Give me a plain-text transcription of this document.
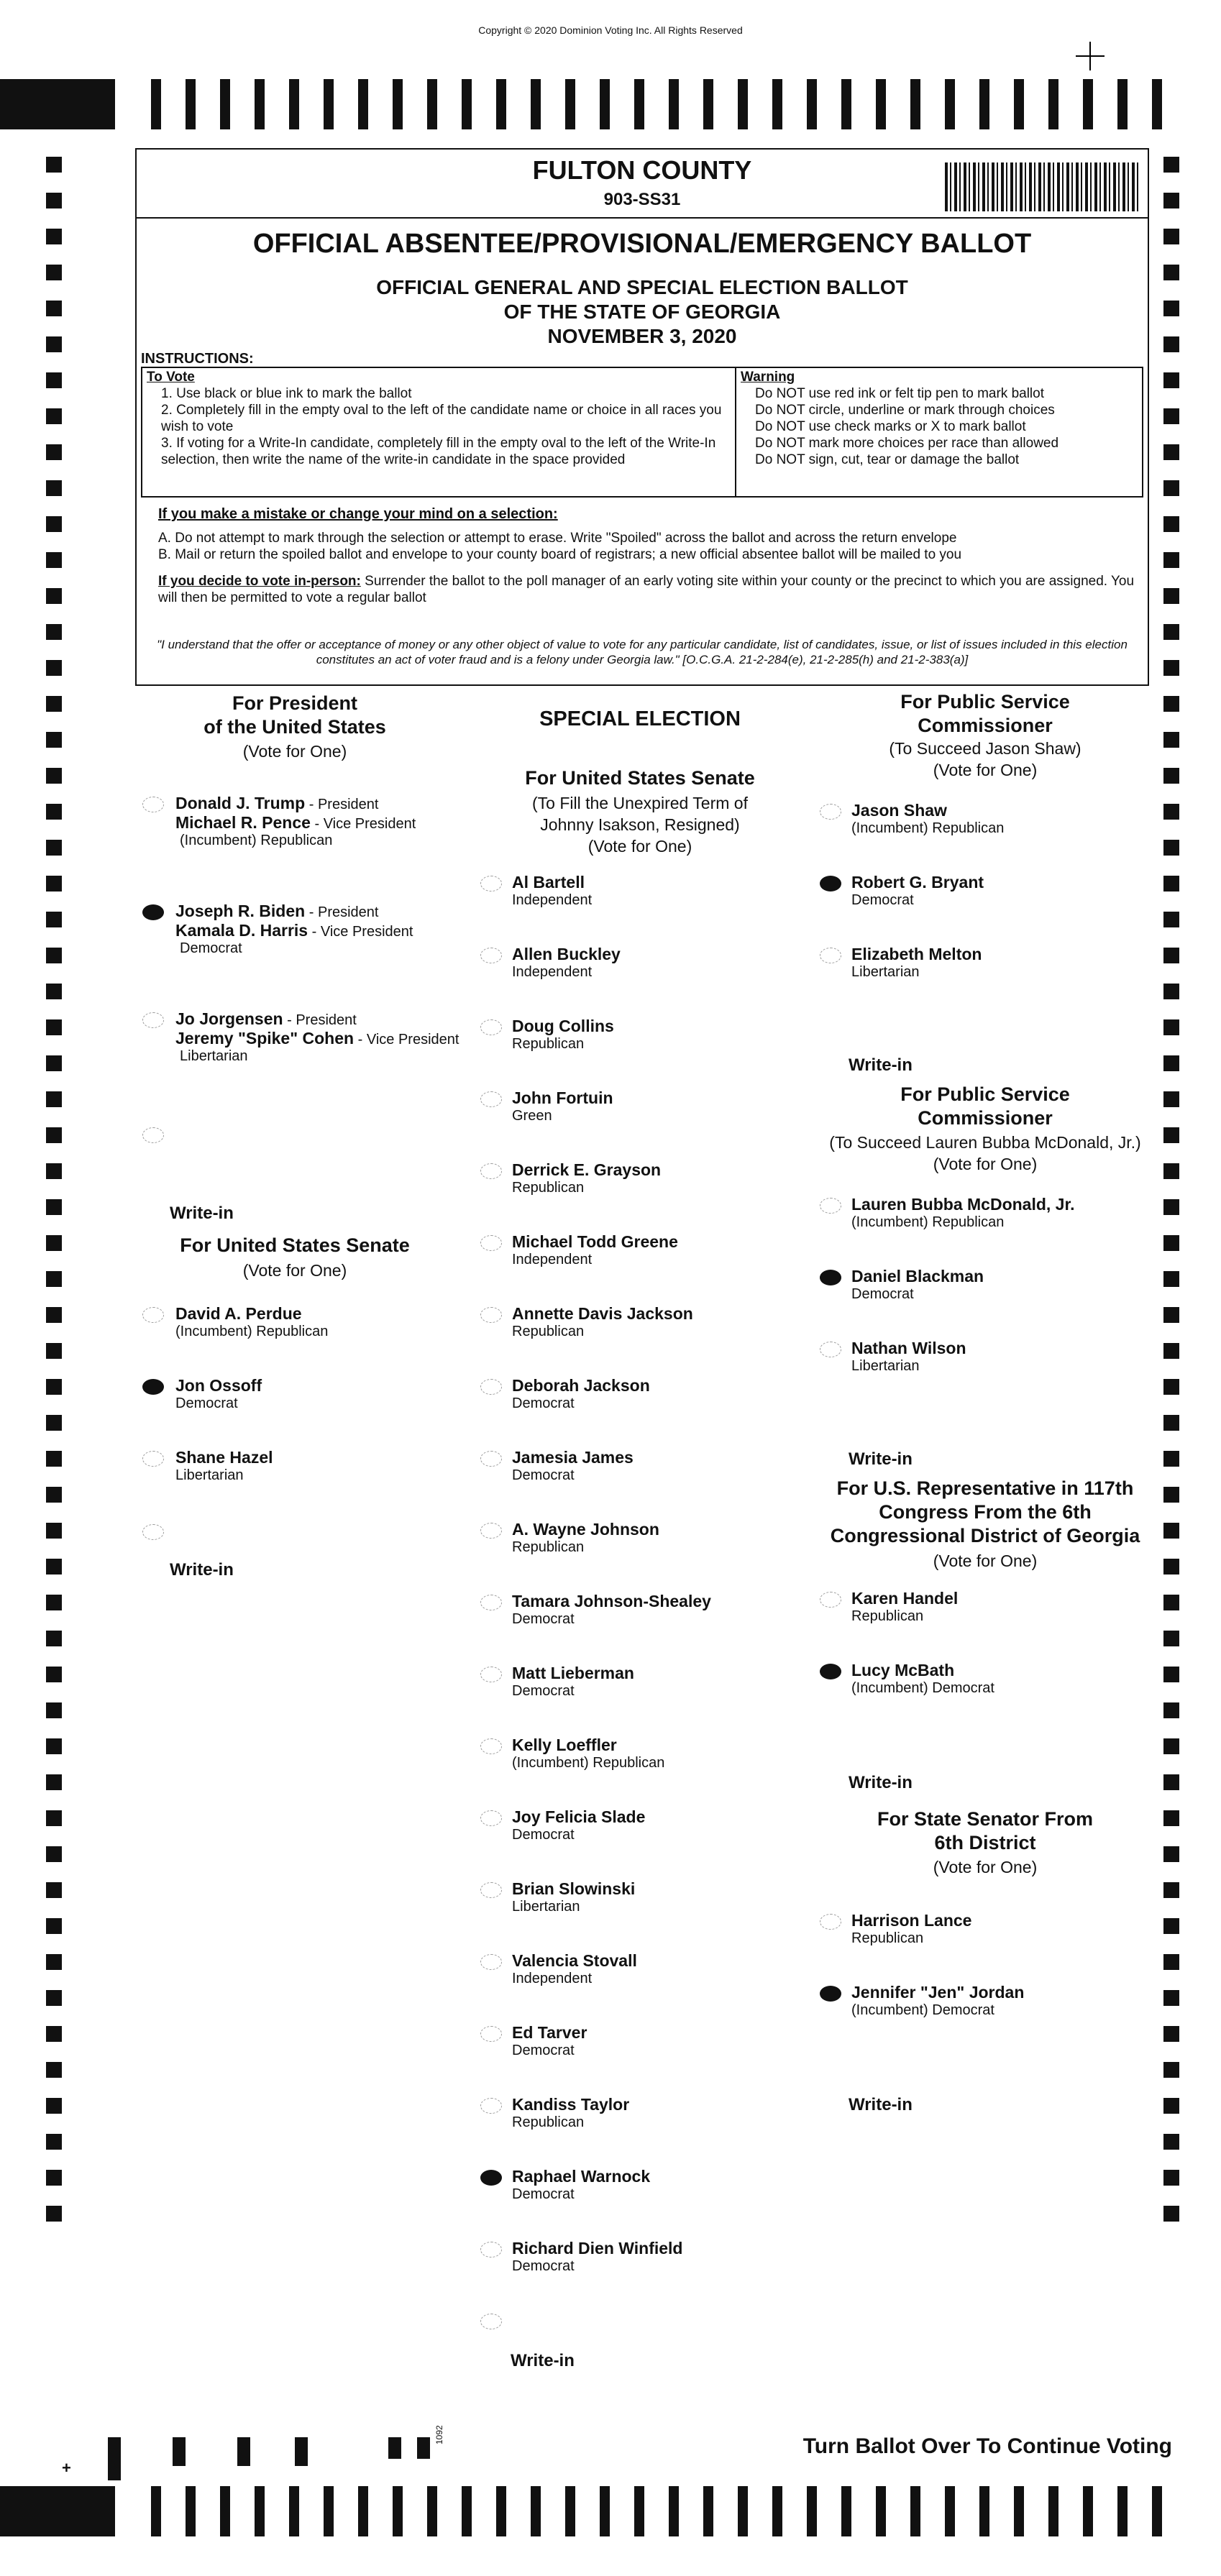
Copyright © 2020 Dominion Voting Inc. All Rights Reserved
FULTON COUNTY
903-SS31
OFFICIAL ABSENTEE/PROVISIONAL/EMERGENCY BALLOT
OFFICIAL GENERAL AND SPECIAL ELECTION BALLOT
OF THE STATE OF GEORGIA
NOVEMBER 3, 2020
INSTRUCTIONS:
To Vote
1. Use black or blue ink to mark the ballot
2. Completely fill in the empty oval to the left of the candidate name or choice in all races you wish to vote
3. If voting for a Write-In candidate, completely fill in the empty oval to the left of the Write-In selection, then write the name of the write-in candidate in the space provided
Warning
Do NOT use red ink or felt tip pen to mark ballot
Do NOT circle, underline or mark through choices
Do NOT use check marks or X to mark ballot
Do NOT mark more choices per race than allowed
Do NOT sign, cut, tear or damage the ballot
If you make a mistake or change your mind on a selection:
A. Do not attempt to mark through the selection or attempt to erase. Write "Spoiled" across the ballot and across the return envelope
B. Mail or return the spoiled ballot and envelope to your county board of registrars; a new official absentee ballot will be mailed to you
If you decide to vote in-person: Surrender the ballot to the poll manager of an early voting site within your county or the precinct to which you are assigned. You will then be permitted to vote a regular ballot
"I understand that the offer or acceptance of money or any other object of value to vote for any particular candidate, list of candidates, issue, or list of issues included in this election constitutes an act of voter fraud and is a felony under Georgia law." [O.C.G.A. 21-2-284(e), 21-2-285(h) and 21-2-383(a)]
For President
of the United States
(Vote for One)
Donald J. Trump - President
Michael R. Pence - Vice President
(Incumbent) Republican
Joseph R. Biden - President
Kamala D. Harris - Vice President
Democrat
Jo Jorgensen - President
Jeremy "Spike" Cohen - Vice President
Libertarian
Write-in
For United States Senate
(Vote for One)
David A. Perdue
(Incumbent) Republican
Jon Ossoff
Democrat
Shane Hazel
Libertarian
Write-in
SPECIAL ELECTION
For United States Senate
(To Fill the Unexpired Term of
Johnny Isakson, Resigned)
(Vote for One)
Al Bartell
Independent
Allen Buckley
Independent
Doug Collins
Republican
John Fortuin
Green
Derrick E. Grayson
Republican
Michael Todd Greene
Independent
Annette Davis Jackson
Republican
Deborah Jackson
Democrat
Jamesia James
Democrat
A. Wayne Johnson
Republican
Tamara Johnson-Shealey
Democrat
Matt Lieberman
Democrat
Kelly Loeffler
(Incumbent) Republican
Joy Felicia Slade
Democrat
Brian Slowinski
Libertarian
Valencia Stovall
Independent
Ed Tarver
Democrat
Kandiss Taylor
Republican
Raphael Warnock
Democrat
Richard Dien Winfield
Democrat
Write-in
For Public Service
Commissioner
(To Succeed Jason Shaw)
(Vote for One)
Jason Shaw
(Incumbent) Republican
Robert G. Bryant
Democrat
Elizabeth Melton
Libertarian
Write-in
For Public Service
Commissioner
(To Succeed Lauren Bubba McDonald, Jr.)
(Vote for One)
Lauren Bubba McDonald, Jr.
(Incumbent) Republican
Daniel Blackman
Democrat
Nathan Wilson
Libertarian
Write-in
For U.S. Representative in 117th
Congress From the 6th
Congressional District of Georgia
(Vote for One)
Karen Handel
Republican
Lucy McBath
(Incumbent) Democrat
Write-in
For State Senator From
6th District
(Vote for One)
Harrison Lance
Republican
Jennifer "Jen" Jordan
(Incumbent) Democrat
Write-in
Turn Ballot Over To Continue Voting
+
1092
